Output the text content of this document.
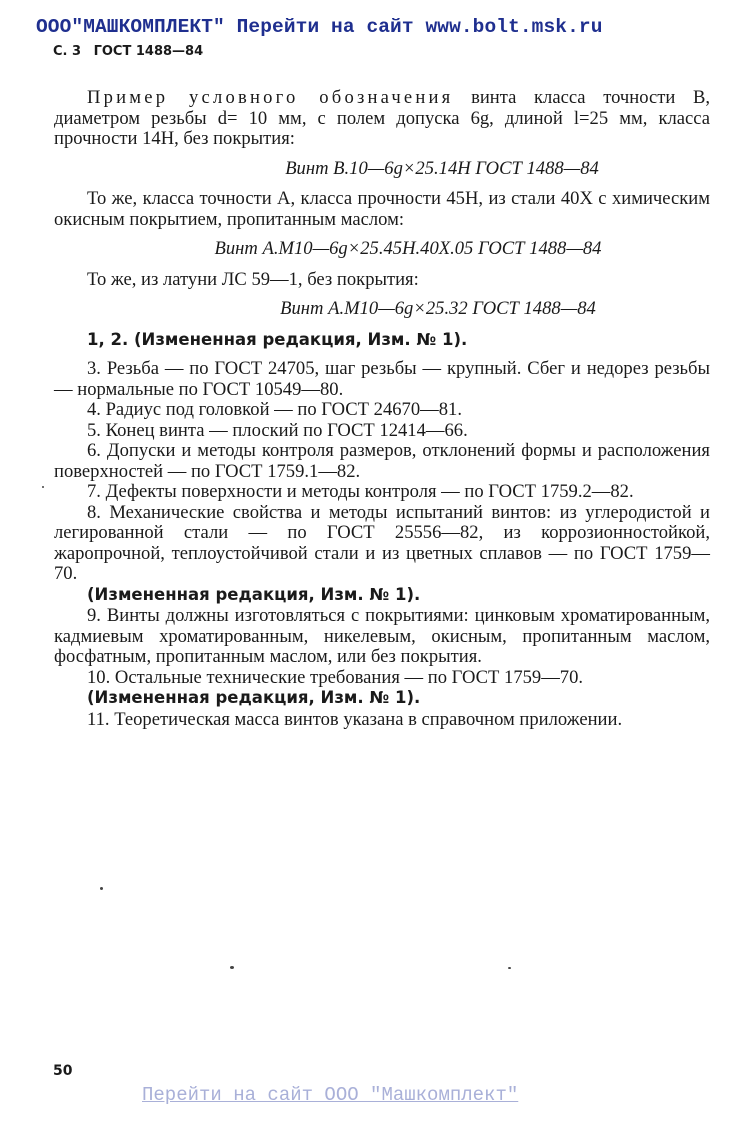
ООО"МАШКОМПЛЕКТ" Перейти на сайт www.bolt.msk.ru
С. 3 ГОСТ 1488—84

Пример условного обозначения винта класса точности В, диаметром резьбы d= 10 мм, с полем допуска 6g, длиной l=25 мм, класса прочности 14Н, без покрытия:

Винт В.10—6g×25.14Н ГОСТ 1488—84

То же, класса точности А, класса прочности 45Н, из стали 40Х с химическим окисным покрытием, пропитанным маслом:

Винт А.М10—6g×25.45Н.40Х.05 ГОСТ 1488—84

То же, из латуни ЛС 59—1, без покрытия:

Винт А.М10—6g×25.32 ГОСТ 1488—84

1, 2. (Измененная редакция, Изм. № 1).

3. Резьба — по ГОСТ 24705, шаг резьбы — крупный. Сбег и недорез резьбы — нормальные по ГОСТ 10549—80.

4. Радиус под головкой — по ГОСТ 24670—81.

5. Конец винта — плоский по ГОСТ 12414—66.

6. Допуски и методы контроля размеров, отклонений формы и расположения поверхностей — по ГОСТ 1759.1—82.

7. Дефекты поверхности и методы контроля — по ГОСТ 1759.2—82.

8. Механические свойства и методы испытаний винтов: из углеродистой и легированной стали — по ГОСТ 25556—82, из коррозионностойкой, жаропрочной, теплоустойчивой стали и из цветных сплавов — по ГОСТ 1759—70.

(Измененная редакция, Изм. № 1).

9. Винты должны изготовляться с покрытиями: цинковым хроматированным, кадмиевым хроматированным, никелевым, окисным, пропитанным маслом, фосфатным, пропитанным маслом, или без покрытия.

10. Остальные технические требования — по ГОСТ 1759—70.

(Измененная редакция, Изм. № 1).

11. Теоретическая масса винтов указана в справочном приложении.

50
Перейти на сайт ООО "Машкомплект"
